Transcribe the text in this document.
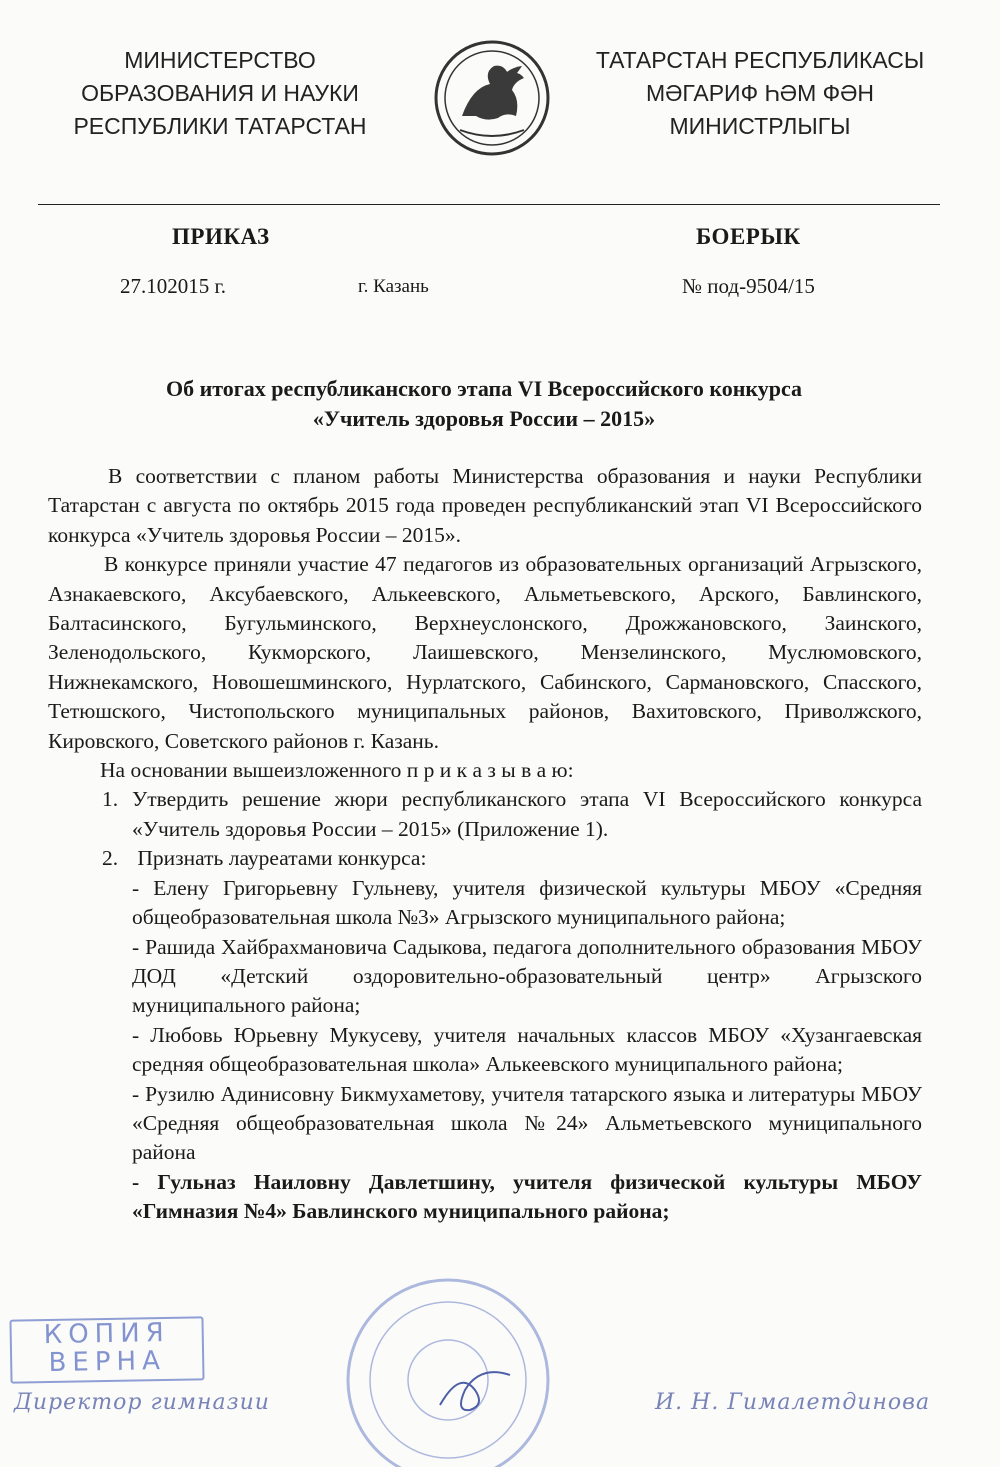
МИНИСТЕРСТВО
ОБРАЗОВАНИЯ И НАУКИ
РЕСПУБЛИКИ ТАТАРСТАН
ТАТАРСТАН РЕСПУБЛИКАСЫ
МӘГАРИФ ҺӘМ ФӘН
МИНИСТРЛЫГЫ
ПРИКАЗ	БОЕРЫК
27.102015 г.	г. Казань	№ под-9504/15
Об итогах республиканского этапа VI Всероссийского конкурса
«Учитель здоровья России – 2015»

В соответствии с планом работы Министерства образования и науки Республики Татарстан с августа по октябрь 2015 года проведен республиканский этап VI Всероссийского конкурса «Учитель здоровья России – 2015».

В конкурсе приняли участие 47 педагогов из образовательных организаций Агрызского, Азнакаевского, Аксубаевского, Алькеевского, Альметьевского, Арского, Бавлинского, Балтасинского, Бугульминского, Верхнеуслонского, Дрожжановского, Заинского, Зеленодольского, Кукморского, Лаишевского, Мензелинского, Муслюмовского, Нижнекамского, Новошешминского, Нурлатского, Сабинского, Сармановского, Спасского, Тетюшского, Чистопольского муниципальных районов, Вахитовского, Приволжского, Кировского, Советского районов г. Казань.

На основании вышеизложенного п р и к а з ы в а ю:

1. Утвердить решение жюри республиканского этапа VI Всероссийского конкурса «Учитель здоровья России – 2015» (Приложение 1).

2. Признать лауреатами конкурса:

- Елену Григорьевну Гульневу, учителя физической культуры МБОУ «Средняя общеобразовательная школа №3» Агрызского муниципального района;

- Рашида Хайбрахмановича Садыкова, педагога дополнительного образования МБОУ ДОД «Детский оздоровительно-образовательный центр» Агрызского муниципального района;

- Любовь Юрьевну Мукусеву, учителя начальных классов МБОУ «Хузангаевская средняя общеобразовательная школа» Алькеевского муниципального района;

- Рузилю Адинисовну Бикмухаметову, учителя татарского языка и литературы МБОУ «Средняя общеобразовательная школа №24» Альметьевского муниципального района

- Гульназ Наиловну Давлетшину, учителя физической культуры МБОУ «Гимназия №4» Бавлинского муниципального района;

КОПИЯ
ВЕРНА
Директор гимназии	И. Н. Гималетдинова
